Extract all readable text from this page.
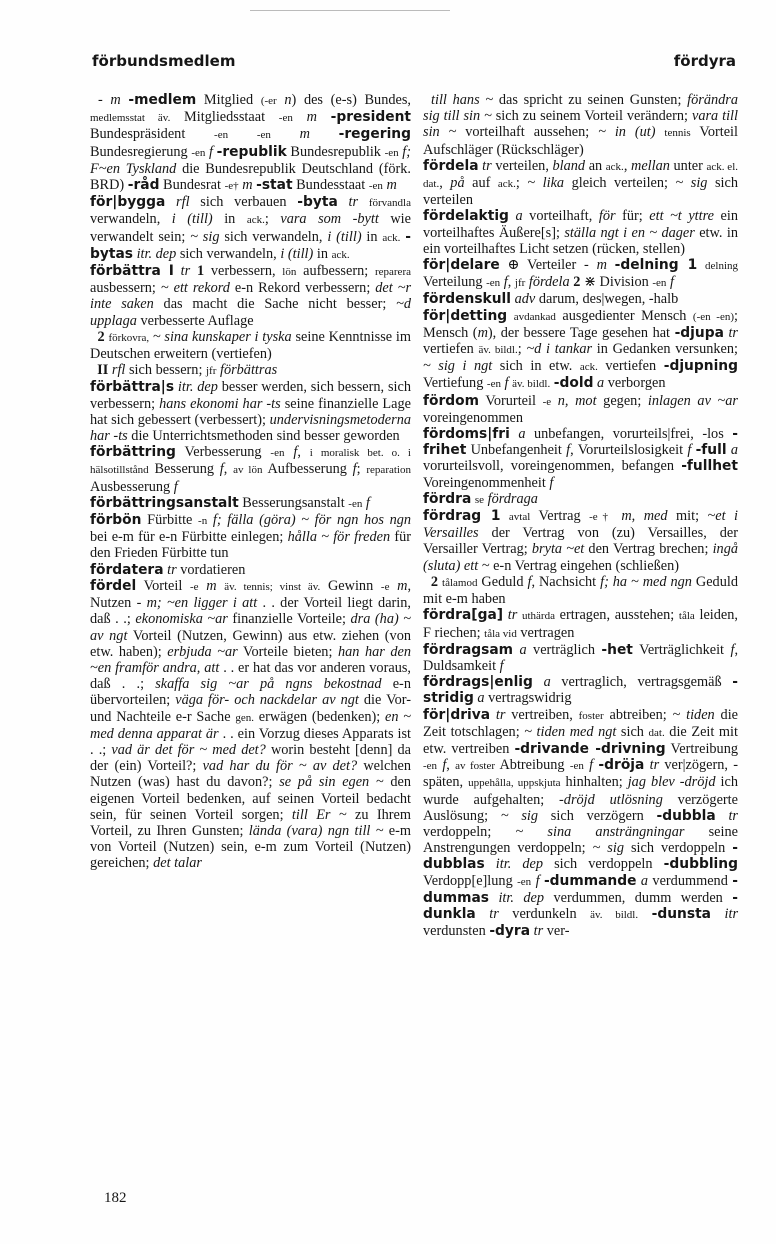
förbundsmedlem	fördyra
- m -medlem Mitglied (-er n) des (e-s) Bundes, medlemsstat äv. Mitgliedsstaat -en m -president Bundespräsident -en	-en m -regering Bundesregierung -en f -republik Bundesrepublik -en f; F~en Tyskland die Bundesrepublik Deutschland (förk. BRD) -råd Bundesrat -e† m -stat Bundesstaat -en m
för|bygga rfl sich verbauen -byta tr förvandla verwandeln, i (till) in ack.; vara som -bytt wie verwandelt sein; ~ sig sich verwandeln, i (till) in ack. -bytas itr. dep sich verwandeln, i (till) in ack.
förbättra I tr 1 verbessern, lön aufbessern; reparera ausbessern; ~ ett rekord e-n Rekord verbessern; det ~r inte saken das macht die Sache nicht besser; ~d upplaga verbesserte Auflage
2 förkovra, ~ sina kunskaper i tyska seine Kenntnisse im Deutschen erweitern (vertiefen)
II rfl sich bessern; jfr förbättras
förbättra|s itr. dep besser werden, sich bessern, sich verbessern; hans ekonomi har -ts seine finanzielle Lage hat sich gebessert (verbessert); undervisningsmetoderna har -ts die Unterrichtsmethoden sind besser geworden
förbättring Verbesserung -en f, i moralisk bet. o. i hälsotillstånd Besserung f, av lön Aufbesserung f; reparation Ausbesserung f
förbättringsanstalt Besserungsanstalt -en f
förbön Fürbitte -n f; fälla (göra) ~ för ngn hos ngn bei e-m für e-n Fürbitte einlegen; hålla ~ för freden für den Frieden Fürbitte tun
fördatera tr vordatieren
fördel Vorteil -e m äv. tennis; vinst äv. Gewinn -e m, Nutzen - m; ~en ligger i att . . der Vorteil liegt darin, daß . .; ekonomiska ~ar finanzielle Vorteile; dra (ha) ~ av ngt Vorteil (Nutzen, Gewinn) aus etw. ziehen (von etw. haben); erbjuda ~ar Vorteile bieten; han har den ~en framför andra, att . . er hat das vor anderen voraus, daß . .; skaffa sig ~ar på ngns bekostnad e-n übervorteilen; väga för- och nackdelar av ngt die Vor- und Nachteile e-r Sache gen. erwägen (bedenken); en ~ med denna apparat är . . ein Vorzug dieses Apparats ist . .; vad är det för ~ med det? worin besteht [denn] da der (ein) Vorteil?; vad har du för ~ av det? welchen Nutzen (was) hast du davon?; se på sin egen ~ den eigenen Vorteil bedenken, auf seinen Vorteil bedacht sein, für seinen Vorteil sorgen; till Er ~ zu Ihrem Vorteil, zu Ihren Gunsten; lända (vara) ngn till ~ e-m von Vorteil (Nutzen) sein, e-m zum Vorteil (Nutzen) gereichen; det talar
till hans ~ das spricht zu seinen Gunsten; förändra sig till sin ~ sich zu seinem Vorteil verändern; vara till sin ~ vorteilhaft aussehen; ~ in (ut) tennis Vorteil Aufschläger (Rückschläger)
fördela tr verteilen, bland an ack., mellan unter ack. el. dat., på auf ack.; ~ lika gleich verteilen; ~ sig sich verteilen
fördelaktig a vorteilhaft, för für; ett ~t yttre ein vorteilhaftes Äußere[s]; ställa ngt i en ~ dager etw. in ein vorteilhaftes Licht setzen (rücken, stellen)
för|delare ⊕ Verteiler - m -delning 1 delning Verteilung -en f, jfr fördela 2 ⋇ Division -en f
fördenskull adv darum, des|wegen, -halb
för|detting avdankad ausgedienter Mensch (-en -en); Mensch (m), der bessere Tage gesehen hat -djupa tr vertiefen äv. bildl.; ~d i tankar in Gedanken versunken; ~ sig i ngt sich in etw. ack. vertiefen -djupning Vertiefung -en f äv. bildl. -dold a verborgen
fördom Vorurteil -e n, mot gegen; inlagen av ~ar voreingenommen
fördoms|fri a unbefangen, vorurteils|frei, -los -frihet Unbefangenheit f, Vorurteilslosigkeit f -full a vorurteilsvoll, voreingenommen, befangen -fullhet Voreingenommenheit f
fördra se fördraga
fördrag 1 avtal Vertrag -e† m, med mit; ~et i Versailles der Vertrag von (zu) Versailles, der Versailler Vertrag; bryta ~et den Vertrag brechen; ingå (sluta) ett ~ e-n Vertrag eingehen (schließen)
2 tålamod Geduld f, Nachsicht f; ha ~ med ngn Geduld mit e-m haben
fördra[ga] tr uthärda ertragen, ausstehen; tåla leiden, F riechen; tåla vid vertragen
fördragsam a verträglich -het Verträglichkeit f, Duldsamkeit f
fördrags|enlig a vertraglich, vertragsgemäß -stridig a vertragswidrig
för|driva tr vertreiben, foster abtreiben; ~ tiden die Zeit totschlagen; ~ tiden med ngt sich dat. die Zeit mit etw. vertreiben -drivande -drivning Vertreibung -en f, av foster Abtreibung -en f -dröja tr ver|zögern, -späten, uppehålla, uppskjuta hinhalten; jag blev -dröjd ich wurde aufgehalten; -dröjd utlösning verzögerte Auslösung; ~ sig sich verzögern -dubbla tr verdoppeln; ~ sina ansträngningar seine Anstrengungen verdoppeln; ~ sig sich verdoppeln -dubblas itr. dep sich verdoppeln -dubbling Verdopp[e]lung -en f -dummande a verdummend -dummas itr. dep verdummen, dumm werden -dunkla tr verdunkeln äv. bildl. -dunsta itr verdunsten -dyra tr ver-
182
